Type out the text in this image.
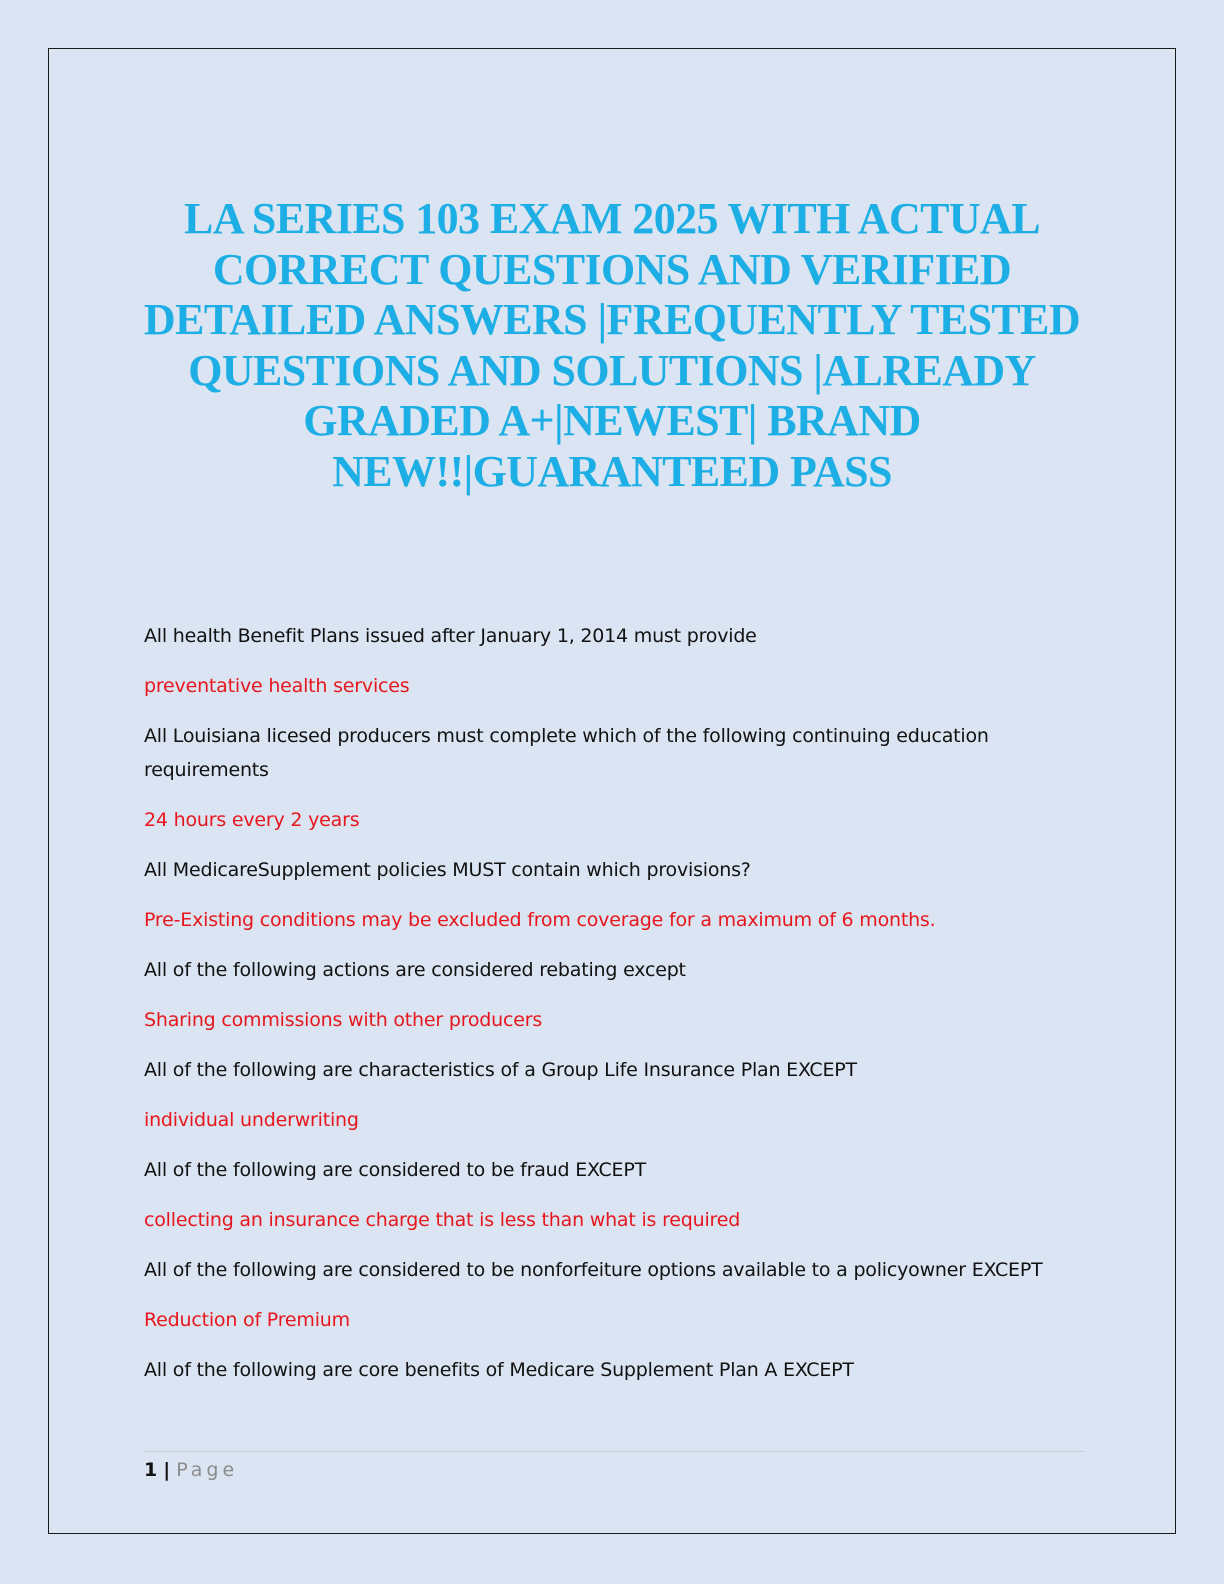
LA SERIES 103 EXAM 2025 WITH ACTUAL CORRECT QUESTIONS AND VERIFIED DETAILED ANSWERS |FREQUENTLY TESTED QUESTIONS AND SOLUTIONS |ALREADY GRADED A+|NEWEST| BRAND NEW!!|GUARANTEED PASS

All health Benefit Plans issued after January 1, 2014 must provide

preventative health services

All Louisiana licesed producers must complete which of the following continuing education requirements

24 hours every 2 years

All MedicareSupplement policies MUST contain which provisions?

Pre-Existing conditions may be excluded from coverage for a maximum of 6 months.

All of the following actions are considered rebating except

Sharing commissions with other producers

All of the following are characteristics of a Group Life Insurance Plan EXCEPT

individual underwriting

All of the following are considered to be fraud EXCEPT

collecting an insurance charge that is less than what is required

All of the following are considered to be nonforfeiture options available to a policyowner EXCEPT

Reduction of Premium

All of the following are core benefits of Medicare Supplement Plan A EXCEPT

1 | Page
